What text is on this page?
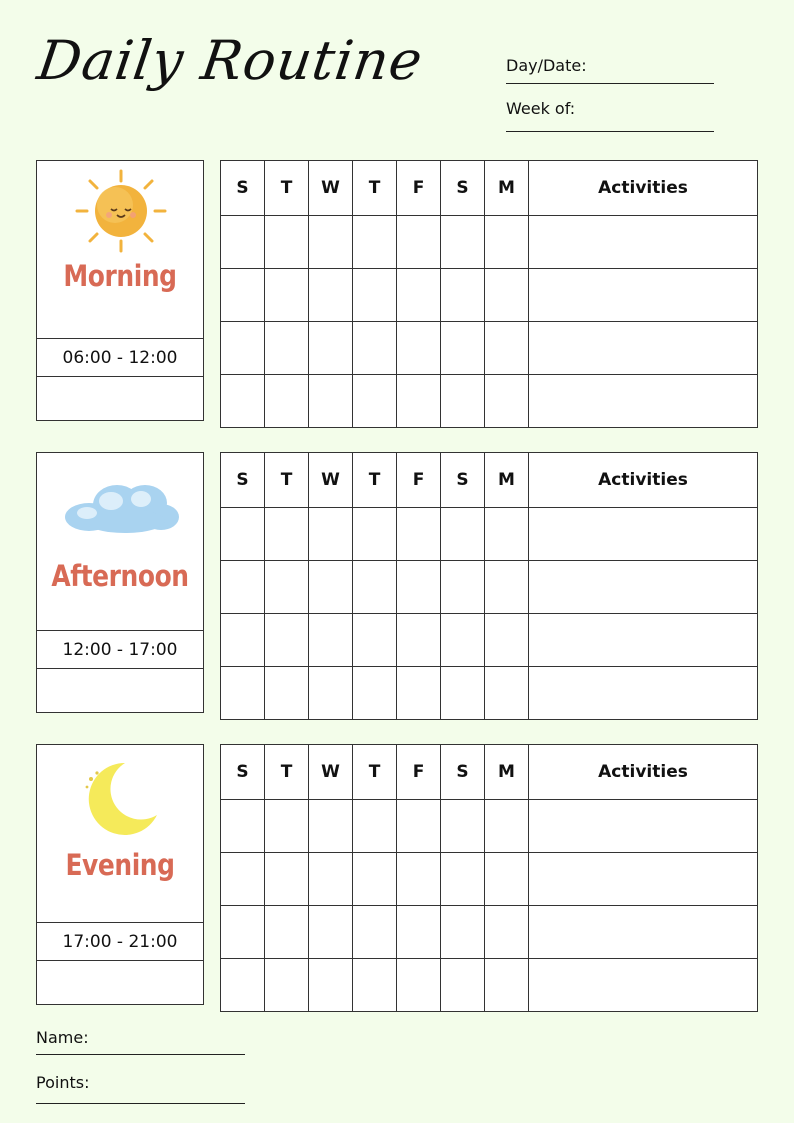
Daily Routine	Day/Date:
Week of:
Morning
06:00 - 12:00
S	T	W	T	F	S	M	Activities

Afternoon
12:00 - 17:00
S	T	W	T	F	S	M	Activities

Evening
17:00 - 21:00
S	T	W	T	F	S	M	Activities

Name:
Points:
